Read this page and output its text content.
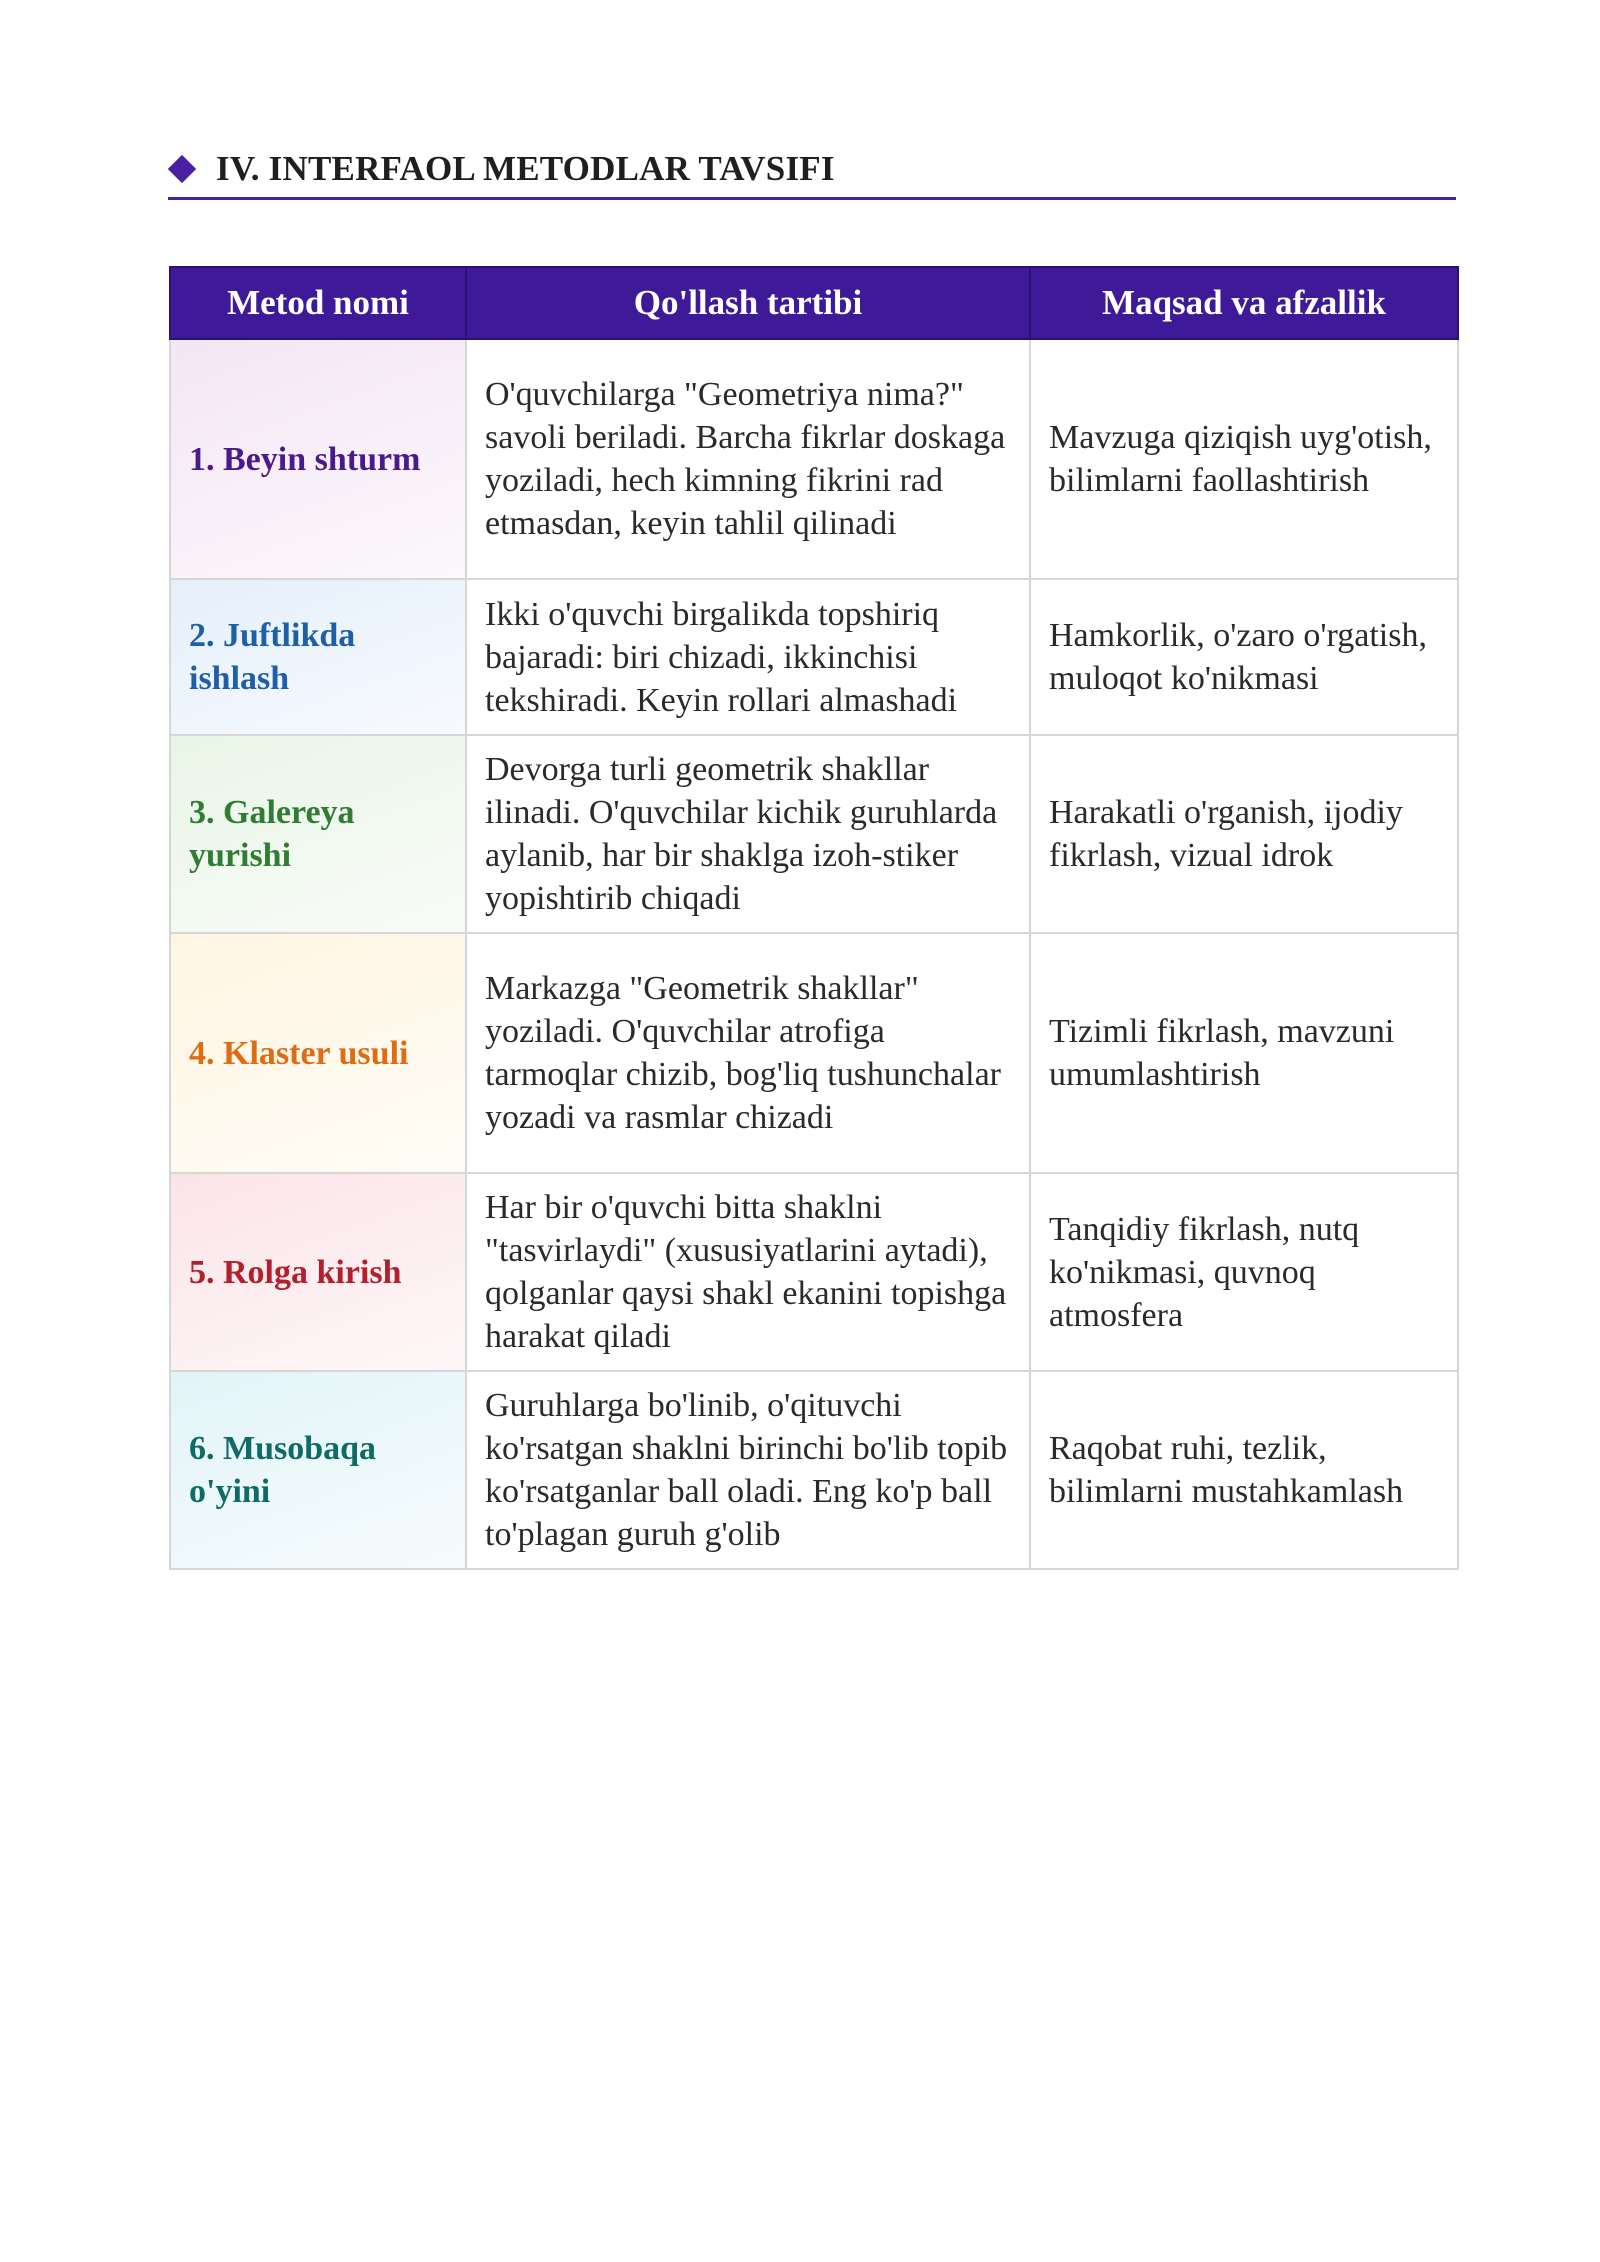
IV. INTERFAOL METODLAR TAVSIFI
Metod nomi	Qo'llash tartibi	Maqsad va afzallik
1. Beyin shturm	O'quvchilarga "Geometriya nima?" savoli beriladi. Barcha fikrlar doskaga yoziladi, hech kimning fikrini rad etmasdan, keyin tahlil qilinadi	Mavzuga qiziqish uyg'otish, bilimlarni faollashtirish
2. Juftlikda ishlash	Ikki o'quvchi birgalikda topshiriq bajaradi: biri chizadi, ikkinchisi tekshiradi. Keyin rollari almashadi	Hamkorlik, o'zaro o'rgatish, muloqot ko'nikmasi
3. Galereya yurishi	Devorga turli geometrik shakllar ilinadi. O'quvchilar kichik guruhlarda aylanib, har bir shaklga izoh-stiker yopishtirib chiqadi	Harakatli o'rganish, ijodiy fikrlash, vizual idrok
4. Klaster usuli	Markazga "Geometrik shakllar" yoziladi. O'quvchilar atrofiga tarmoqlar chizib, bog'liq tushunchalar yozadi va rasmlar chizadi	Tizimli fikrlash, mavzuni umumlashtirish
5. Rolga kirish	Har bir o'quvchi bitta shaklni "tasvirlaydi" (xususiyatlarini aytadi), qolganlar qaysi shakl ekanini topishga harakat qiladi	Tanqidiy fikrlash, nutq ko'nikmasi, quvnoq atmosfera
6. Musobaqa o'yini	Guruhlarga bo'linib, o'qituvchi ko'rsatgan shaklni birinchi bo'lib topib ko'rsatganlar ball oladi. Eng ko'p ball to'plagan guruh g'olib	Raqobat ruhi, tezlik, bilimlarni mustahkamlash
